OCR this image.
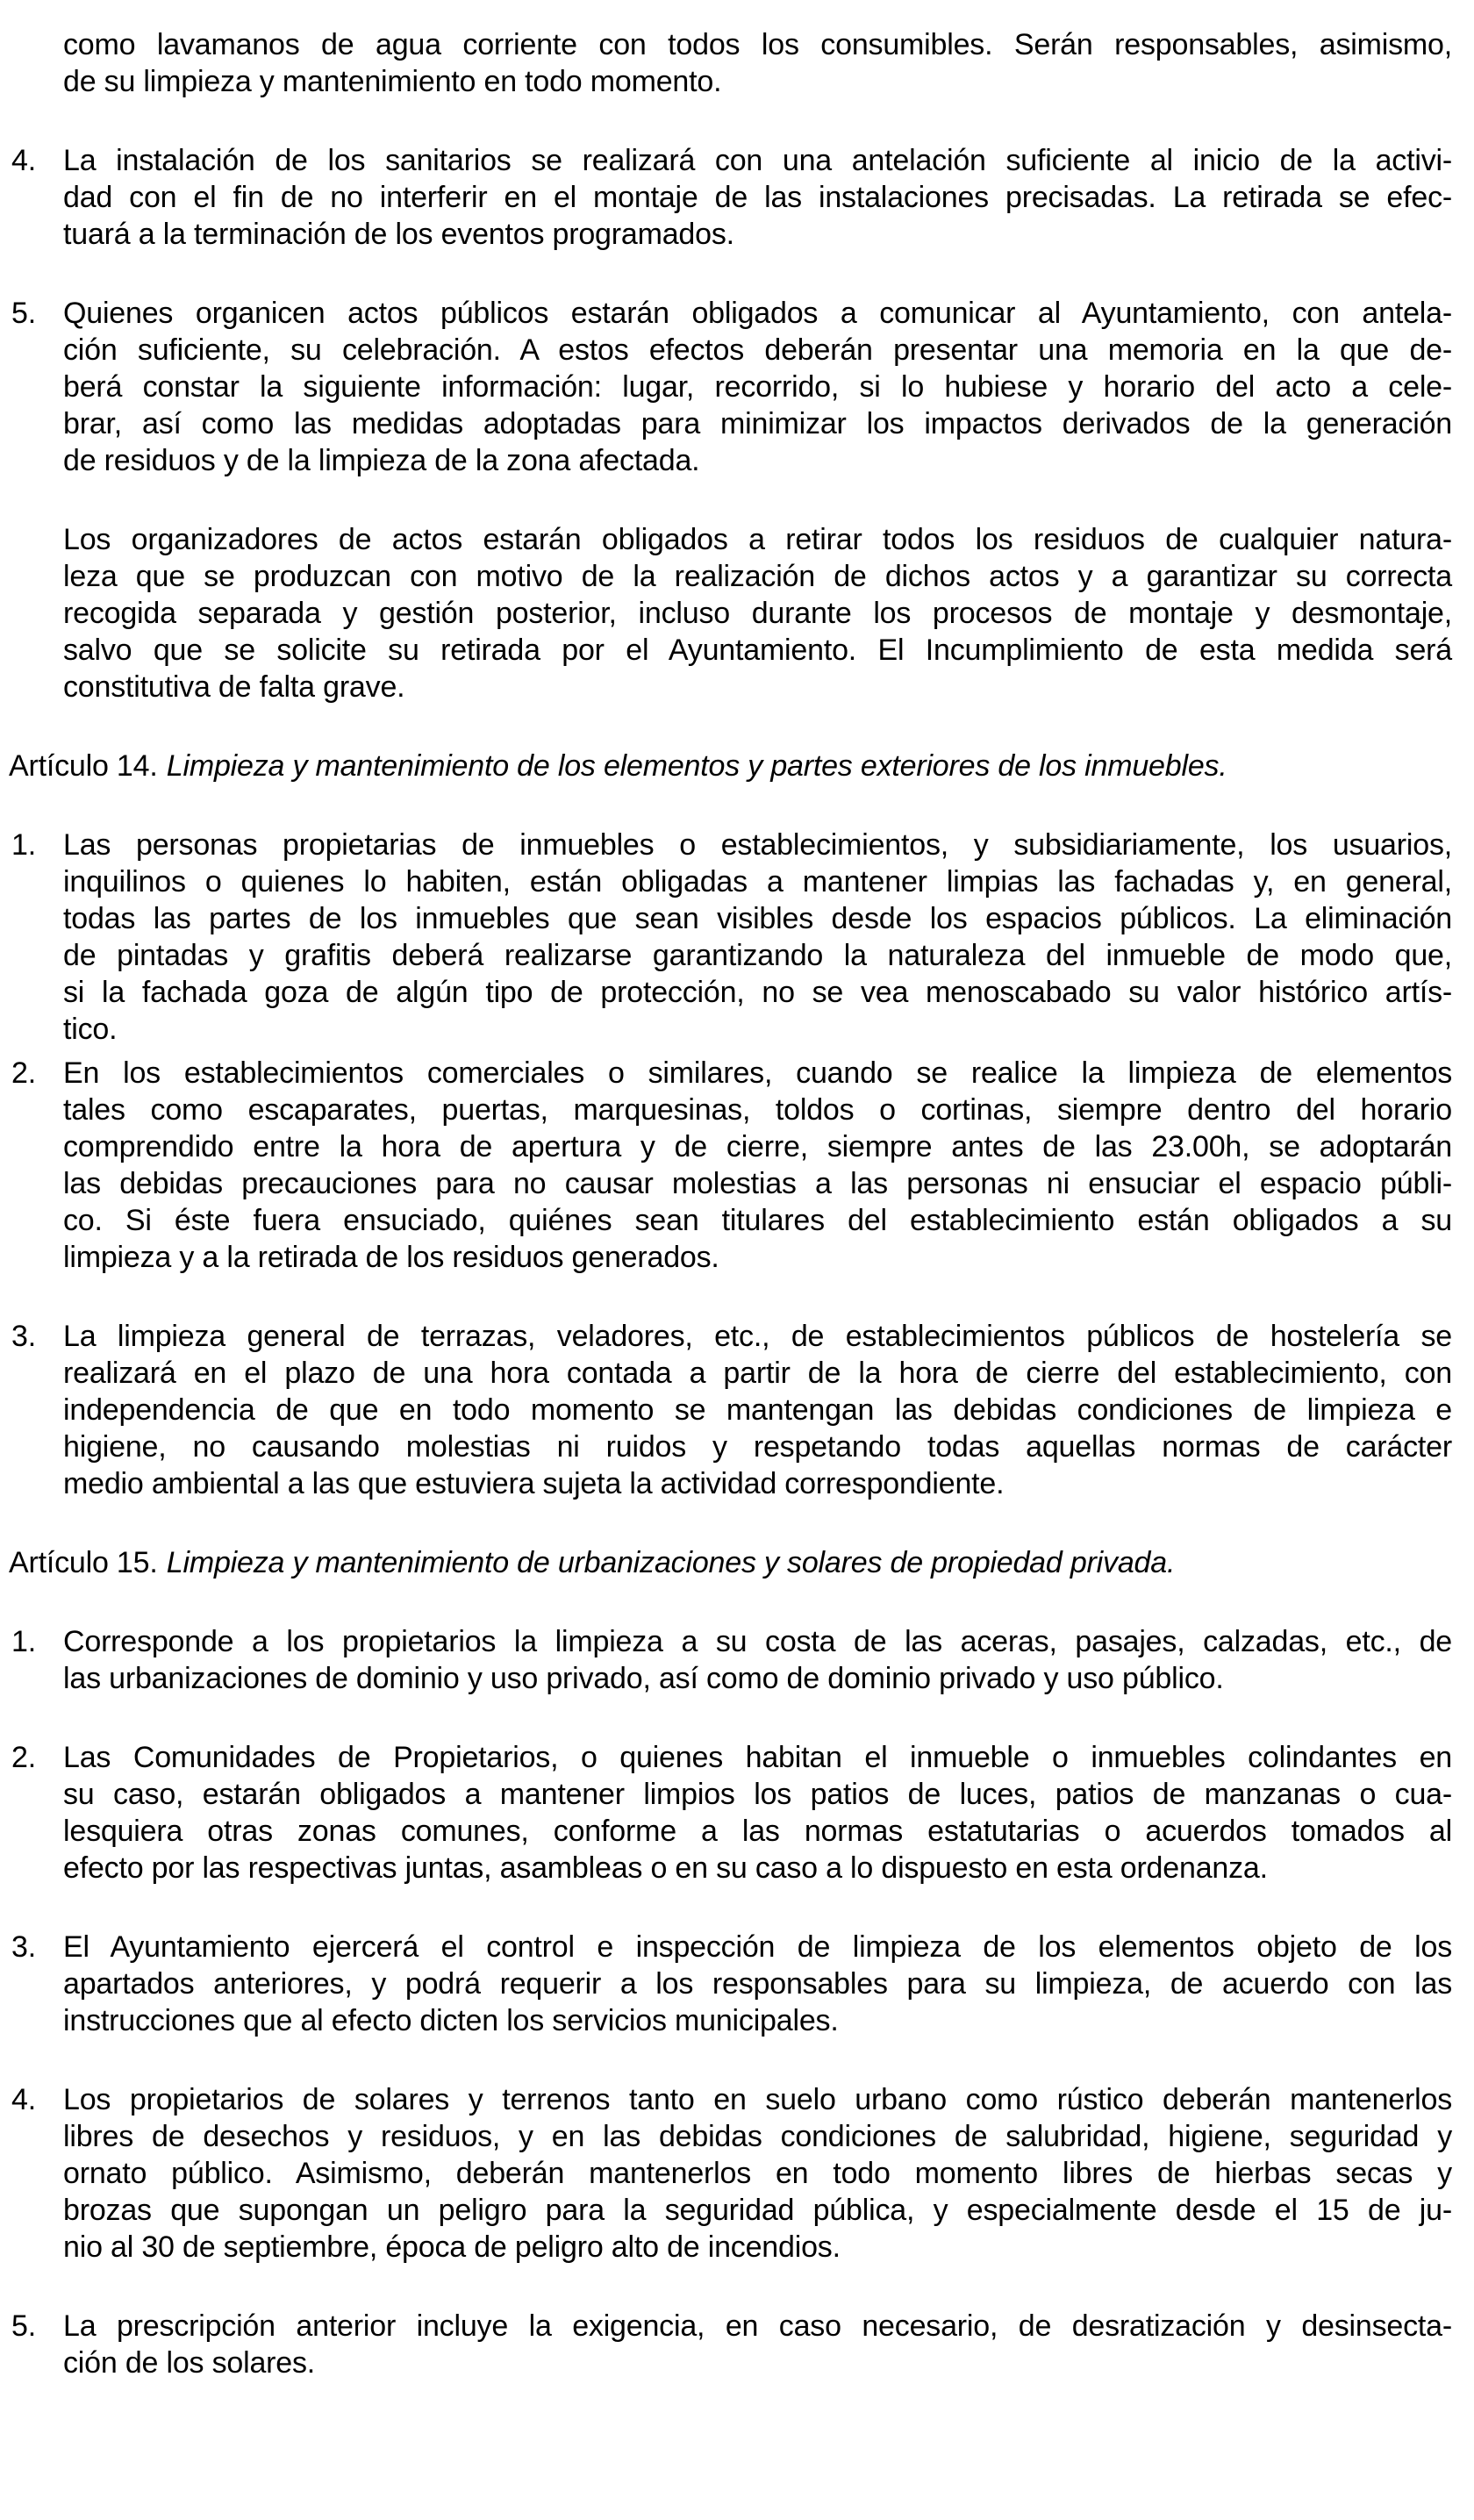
como lavamanos de agua corriente con todos los consumibles. Serán responsables, asimismo,
de su limpieza y mantenimiento en todo momento.
4. La instalación de los sanitarios se realizará con una antelación suficiente al inicio de la activi-
dad con el fin de no interferir en el montaje de las instalaciones precisadas. La retirada se efec-
tuará a la terminación de los eventos programados.
5. Quienes organicen actos públicos estarán obligados a comunicar al Ayuntamiento, con antela-
ción suficiente, su celebración. A estos efectos deberán presentar una memoria en la que de-
berá constar la siguiente información: lugar, recorrido, si lo hubiese y horario del acto a cele-
brar, así como las medidas adoptadas para minimizar los impactos derivados de la generación
de residuos y de la limpieza de la zona afectada.
Los organizadores de actos estarán obligados a retirar todos los residuos de cualquier natura-
leza que se produzcan con motivo de la realización de dichos actos y a garantizar su correcta
recogida separada y gestión posterior, incluso durante los procesos de montaje y desmontaje,
salvo que se solicite su retirada por el Ayuntamiento. El Incumplimiento de esta medida será
constitutiva de falta grave.
Artículo 14. Limpieza y mantenimiento de los elementos y partes exteriores de los inmuebles.
1. Las personas propietarias de inmuebles o establecimientos, y subsidiariamente, los usuarios,
inquilinos o quienes lo habiten, están obligadas a mantener limpias las fachadas y, en general,
todas las partes de los inmuebles que sean visibles desde los espacios públicos. La eliminación
de pintadas y grafitis deberá realizarse garantizando la naturaleza del inmueble de modo que,
si la fachada goza de algún tipo de protección, no se vea menoscabado su valor histórico artís-
tico.
2. En los establecimientos comerciales o similares, cuando se realice la limpieza de elementos
tales como escaparates, puertas, marquesinas, toldos o cortinas, siempre dentro del horario
comprendido entre la hora de apertura y de cierre, siempre antes de las 23.00h, se adoptarán
las debidas precauciones para no causar molestias a las personas ni ensuciar el espacio públi-
co. Si éste fuera ensuciado, quiénes sean titulares del establecimiento están obligados a su
limpieza y a la retirada de los residuos generados.
3. La limpieza general de terrazas, veladores, etc., de establecimientos públicos de hostelería se
realizará en el plazo de una hora contada a partir de la hora de cierre del establecimiento, con
independencia de que en todo momento se mantengan las debidas condiciones de limpieza e
higiene, no causando molestias ni ruidos y respetando todas aquellas normas de carácter
medio ambiental a las que estuviera sujeta la actividad correspondiente.
Artículo 15. Limpieza y mantenimiento de urbanizaciones y solares de propiedad privada.
1. Corresponde a los propietarios la limpieza a su costa de las aceras, pasajes, calzadas, etc., de
las urbanizaciones de dominio y uso privado, así como de dominio privado y uso público.
2. Las Comunidades de Propietarios, o quienes habitan el inmueble o inmuebles colindantes en
su caso, estarán obligados a mantener limpios los patios de luces, patios de manzanas o cua-
lesquiera otras zonas comunes, conforme a las normas estatutarias o acuerdos tomados al
efecto por las respectivas juntas, asambleas o en su caso a lo dispuesto en esta ordenanza.
3. El Ayuntamiento ejercerá el control e inspección de limpieza de los elementos objeto de los
apartados anteriores, y podrá requerir a los responsables para su limpieza, de acuerdo con las
instrucciones que al efecto dicten los servicios municipales.
4. Los propietarios de solares y terrenos tanto en suelo urbano como rústico deberán mantenerlos
libres de desechos y residuos, y en las debidas condiciones de salubridad, higiene, seguridad y
ornato público. Asimismo, deberán mantenerlos en todo momento libres de hierbas secas y
brozas que supongan un peligro para la seguridad pública, y especialmente desde el 15 de ju-
nio al 30 de septiembre, época de peligro alto de incendios.
5. La prescripción anterior incluye la exigencia, en caso necesario, de desratización y desinsecta-
ción de los solares.
